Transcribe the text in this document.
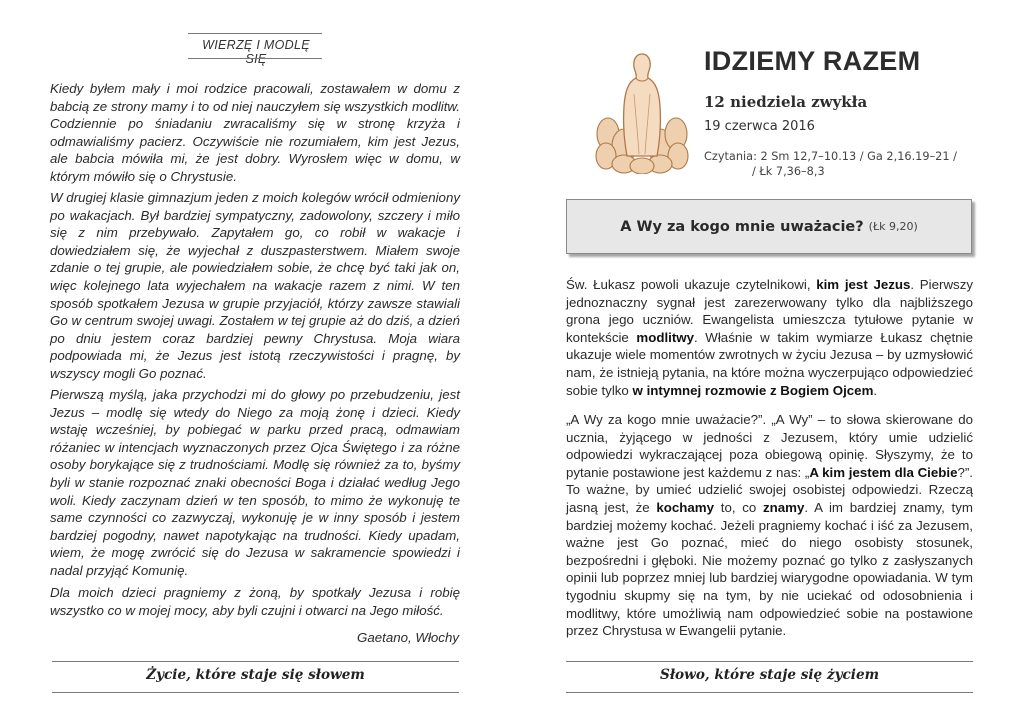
WIERZĘ I MODLĘ SIĘ
Kiedy byłem mały i moi rodzice pracowali, zostawałem w domu z babcią ze strony mamy i to od niej nauczyłem się wszystkich modlitw. Codziennie po śniadaniu zwracaliśmy się w stronę krzyża i odmawialiśmy pacierz. Oczywiście nie rozumiałem, kim jest Jezus, ale babcia mówiła mi, że jest dobry. Wyrosłem więc w domu, w którym mówiło się o Chrystusie.
W drugiej klasie gimnazjum jeden z moich kolegów wrócił odmieniony po wakacjach. Był bardziej sympatyczny, zadowolony, szczery i miło się z nim przebywało. Zapytałem go, co robił w wakacje i dowiedziałem się, że wyjechał z duszpasterstwem. Miałem swoje zdanie o tej grupie, ale powiedziałem sobie, że chcę być taki jak on, więc kolejnego lata wyjechałem na wakacje razem z nimi. W ten sposób spotkałem Jezusa w grupie przyjaciół, którzy zawsze stawiali Go w centrum swojej uwagi. Zostałem w tej grupie aż do dziś, a dzień po dniu jestem coraz bardziej pewny Chrystusa. Moja wiara podpowiada mi, że Jezus jest istotą rzeczywistości i pragnę, by wszyscy mogli Go poznać.
Pierwszą myślą, jaka przychodzi mi do głowy po przebudzeniu, jest Jezus – modlę się wtedy do Niego za moją żonę i dzieci. Kiedy wstaję wcześniej, by pobiegać w parku przed pracą, odmawiam różaniec w intencjach wyznaczonych przez Ojca Świętego i za różne osoby borykające się z trudnościami. Modlę się również za to, byśmy byli w stanie rozpoznać znaki obecności Boga i działać według Jego woli. Kiedy zaczynam dzień w ten sposób, to mimo że wykonuję te same czynności co zazwyczaj, wykonuję je w inny sposób i jestem bardziej pogodny, nawet napotykając na trudności. Kiedy upadam, wiem, że mogę zwrócić się do Jezusa w sakramencie spowiedzi i nadal przyjąć Komunię.
Dla moich dzieci pragniemy z żoną, by spotkały Jezusa i robię wszystko co w mojej mocy, aby byli czujni i otwarci na Jego miłość.
Gaetano, Włochy
Życie, które staje się słowem
IDZIEMY RAZEM
12 niedziela zwykła
19 czerwca 2016
Czytania: 2 Sm 12,7–10.13 / Ga 2,16.19–21 /
/ Łk 7,36–8,3
A Wy za kogo mnie uważacie? (Łk 9,20)
Św. Łukasz powoli ukazuje czytelnikowi, kim jest Jezus. Pierwszy jednoznaczny sygnał jest zarezerwowany tylko dla najbliższego grona jego uczniów. Ewangelista umieszcza tytułowe pytanie w kontekście modlitwy. Właśnie w takim wymiarze Łukasz chętnie ukazuje wiele momentów zwrotnych w życiu Jezusa – by uzmysłowić nam, że istnieją pytania, na które można wyczerpująco odpowiedzieć sobie tylko w intymnej rozmowie z Bogiem Ojcem.
„A Wy za kogo mnie uważacie?”. „A Wy” – to słowa skierowane do ucznia, żyjącego w jedności z Jezusem, który umie udzielić odpowiedzi wykraczającej poza obiegową opinię. Słyszymy, że to pytanie postawione jest każdemu z nas: „A kim jestem dla Ciebie?”. To ważne, by umieć udzielić swojej osobistej odpowiedzi. Rzeczą jasną jest, że kochamy to, co znamy. A im bardziej znamy, tym bardziej możemy kochać. Jeżeli pragniemy kochać i iść za Jezusem, ważne jest Go poznać, mieć do niego osobisty stosunek, bezpośredni i głęboki. Nie możemy poznać go tylko z zasłyszanych opinii lub poprzez mniej lub bardziej wiarygodne opowiadania. W tym tygodniu skupmy się na tym, by nie uciekać od odosobnienia i modlitwy, które umożliwią nam odpowiedzieć sobie na postawione przez Chrystusa w Ewangelii pytanie.
Słowo, które staje się życiem
